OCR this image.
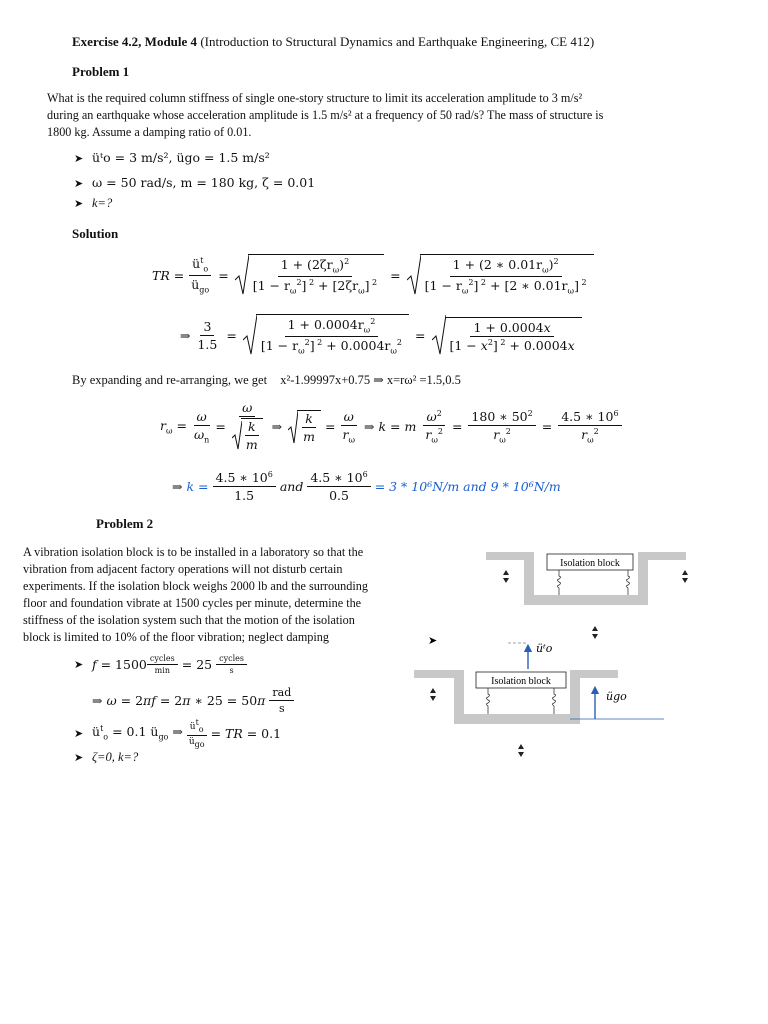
Exercise 4.2, Module 4 (Introduction to Structural Dynamics and Earthquake Engineering, CE 412)
Problem 1
What is the required column stiffness of single one-story structure to limit its acceleration amplitude to 3 m/s²
during an earthquake whose acceleration amplitude is 1.5 m/s² at a frequency of 50 rad/s? The mass of structure is
1800 kg. Assume a damping ratio of 0.01.
➤ üᵗo = 3 m/s², ügo = 1.5 m/s²
➤ ω = 50 rad/s, m = 180 kg, ζ = 0.01
➤ k=?
Solution
TR = $\frac{ü^t_o}{ü_{go}}$ =	$\frac{1 + (2\zeta r_\omega)^2}{[1 - r_\omega^2] ^2 + [2\zeta r_\omega] ^2}$ =	$\frac{1 + (2 ∗ 0.01r_\omega)^2}{[1 - r_\omega^2] ^2 + [2 ∗ 0.01r_\omega] ^2}$
⇒ $\frac{3}{1.5}$ =	$\frac{1 + 0.0004r_\omega^2}{[1 - r_\omega^2] ^2 + 0.0004r_\omega^2}$ =	$\frac{1 + 0.0004x}{[1 - x^2] ^2 + 0.0004x}$
By expanding and re-arranging, we get x²-1.99997x+0.75 ⇒ x=rω² =1.5,0.5
$r_\omega = \frac{\omega}{\omega_n} = \frac{\omega}{\frac{k}{m}}$ ⇒	$\frac{k}{m} = \frac{\omega}{r_\omega}$ ⇒ k = m $\frac{\omega^2}{r_\omega^2} = \frac{180 ∗ 50^2}{r_\omega^2} = \frac{4.5 ∗ 10^6}{r_\omega^2}$
⇒ $k = \frac{4.5 ∗ 10^6}{1.5}$ and $\frac{4.5 ∗ 10^6}{0.5} = 3 * 10^6N/m$ and 9 * 10⁶N/m
Problem 2
A vibration isolation block is to be installed in a laboratory so that the
vibration from adjacent factory operations will not disturb certain
experiments. If the isolation block weighs 2000 lb and the surrounding
floor and foundation vibrate at 1500 cycles per minute, determine the
stiffness of the isolation system such that the motion of the isolation
block is limited to 10% of the floor vibration; neglect damping
➤ $f = 1500 \frac{\text{cycles}}{\min} = 25 \frac{\text{cycles}}{s}$
⇒ ω = 2πf = 2π ∗ $25 = 50\pi \frac{\text{rad}}{s}$
➤ $ü^t_o = 0.1$ $ü_{go}$ ⇒ $\frac{ü^t_o}{ü_{go}}$ = TR = 0.1
➤ ζ=0, k=?
Isolation block
➤
Isolation block
üᵗo
ügo
